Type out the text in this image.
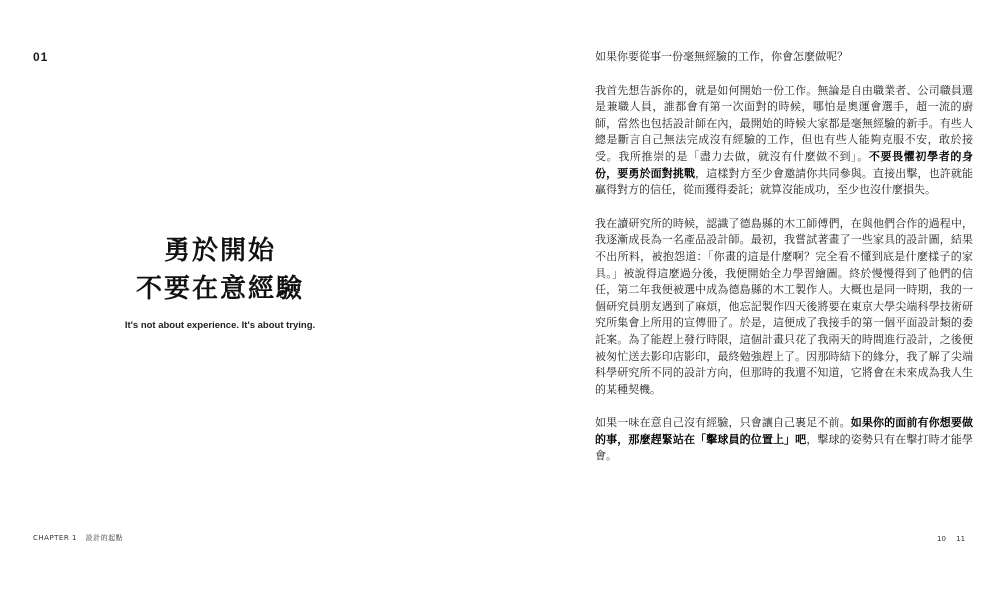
01
勇於開始
不要在意經驗
It's not about experience. It's about trying.
CHAPTER 1 設計的起點

如果你要從事一份毫無經驗的工作，你會怎麼做呢？

我首先想告訴你的，就是如何開始一份工作。無論是自由職業者、公司職員還是兼職人員，誰都會有第一次面對的時候，哪怕是奧運會選手，超一流的廚師，當然也包括設計師在內，最開始的時候大家都是毫無經驗的新手。有些人總是斷言自己無法完成沒有經驗的工作，但也有些人能夠克服不安，敢於接受。我所推崇的是「盡力去做，就沒有什麼做不到」。不要畏懼初學者的身份，要勇於面對挑戰，這樣對方至少會邀請你共同參與。直接出擊，也許就能贏得對方的信任，從而獲得委託；就算沒能成功，至少也沒什麼損失。

我在讀研究所的時候，認識了德島縣的木工師傅們，在與他們合作的過程中，我逐漸成長為一名產品設計師。最初，我嘗試著畫了一些家具的設計圖，結果不出所料，被抱怨道：「你畫的這是什麼啊？完全看不懂到底是什麼樣子的家具。」被說得這麼過分後，我便開始全力學習繪圖。終於慢慢得到了他們的信任，第二年我便被選中成為德島縣的木工製作人。大概也是同一時期，我的一個研究員朋友遇到了麻煩，他忘記製作四天後將要在東京大學尖端科學技術研究所集會上所用的宣傳冊了。於是，這便成了我接手的第一個平面設計類的委託案。為了能趕上發行時限，這個計畫只花了我兩天的時間進行設計，之後便被匆忙送去影印店影印，最終勉強趕上了。因那時結下的緣分，我了解了尖端科學研究所不同的設計方向，但那時的我還不知道，它將會在未來成為我人生的某種契機。

如果一味在意自己沒有經驗，只會讓自己裹足不前。如果你的面前有你想要做的事，那麼趕緊站在「擊球員的位置上」吧，擊球的姿勢只有在擊打時才能學會。

10 11
